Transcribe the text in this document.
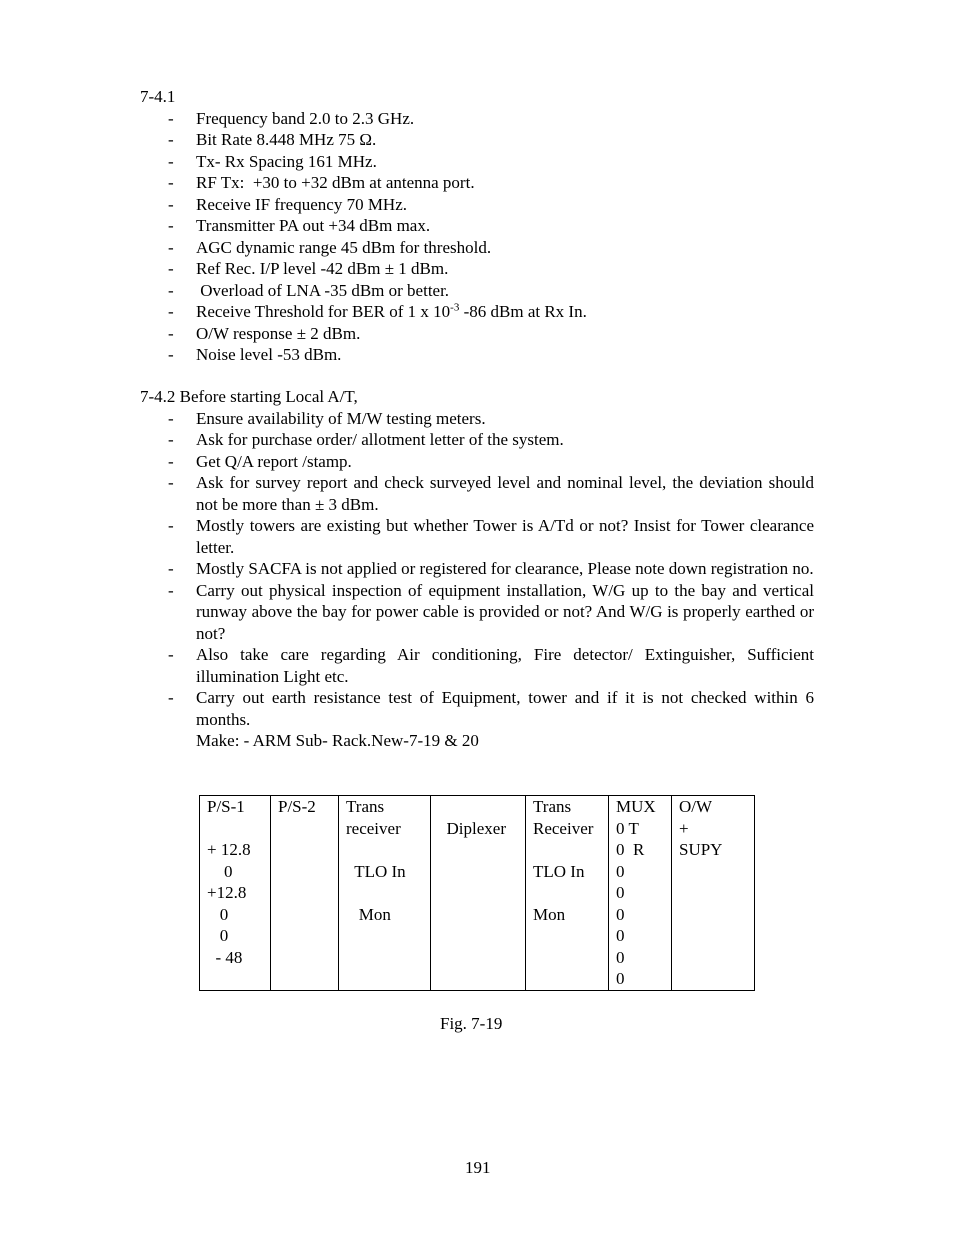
7-4.1

- Frequency band 2.0 to 2.3 GHz.
- Bit Rate 8.448 MHz 75 Ω.
- Tx- Rx Spacing 161 MHz.
- RF Tx:  +30 to +32 dBm at antenna port.
- Receive IF frequency 70 MHz.
- Transmitter PA out +34 dBm max.
- AGC dynamic range 45 dBm for threshold.
- Ref Rec. I/P level -42 dBm ± 1 dBm.
- Overload of LNA -35 dBm or better.
- Receive Threshold for BER of 1 x $10^{-3}$ -86 dBm at Rx In.
- O/W response ± 2 dBm.
- Noise level -53 dBm.

7-4.2 Before starting Local A/T,

- Ensure availability of M/W testing meters.
- Ask for purchase order/ allotment letter of the system.
- Get Q/A report /stamp.
- Ask for survey report and check surveyed level and nominal level, the deviation should not be more than ± 3 dBm.
- Mostly towers are existing but whether Tower is A/Td or not? Insist for Tower clearance letter.
- Mostly SACFA is not applied or registered for clearance, Please note down registration no.
- Carry out physical inspection of equipment installation, W/G up to the bay and vertical runway above the bay for power cable is provided or not? And W/G is properly earthed or not?
- Also take care regarding Air conditioning, Fire detector/ Extinguisher, Sufficient illumination Light etc.
- Carry out earth resistance test of Equipment, tower and if it is not checked within 6 months.
Make: - ARM Sub- Rack.New-7-19 & 20
P/S-1

+ 12.8
0
+12.8
0
0
- 48	P/S-2	Trans
receiver

TLO In

Mon	
Diplexer	Trans
Receiver

TLO In

Mon	MUX
0 T
0  R
0
0
0
0
0
0	O/W
+
SUPY
Fig. 7-19
191
